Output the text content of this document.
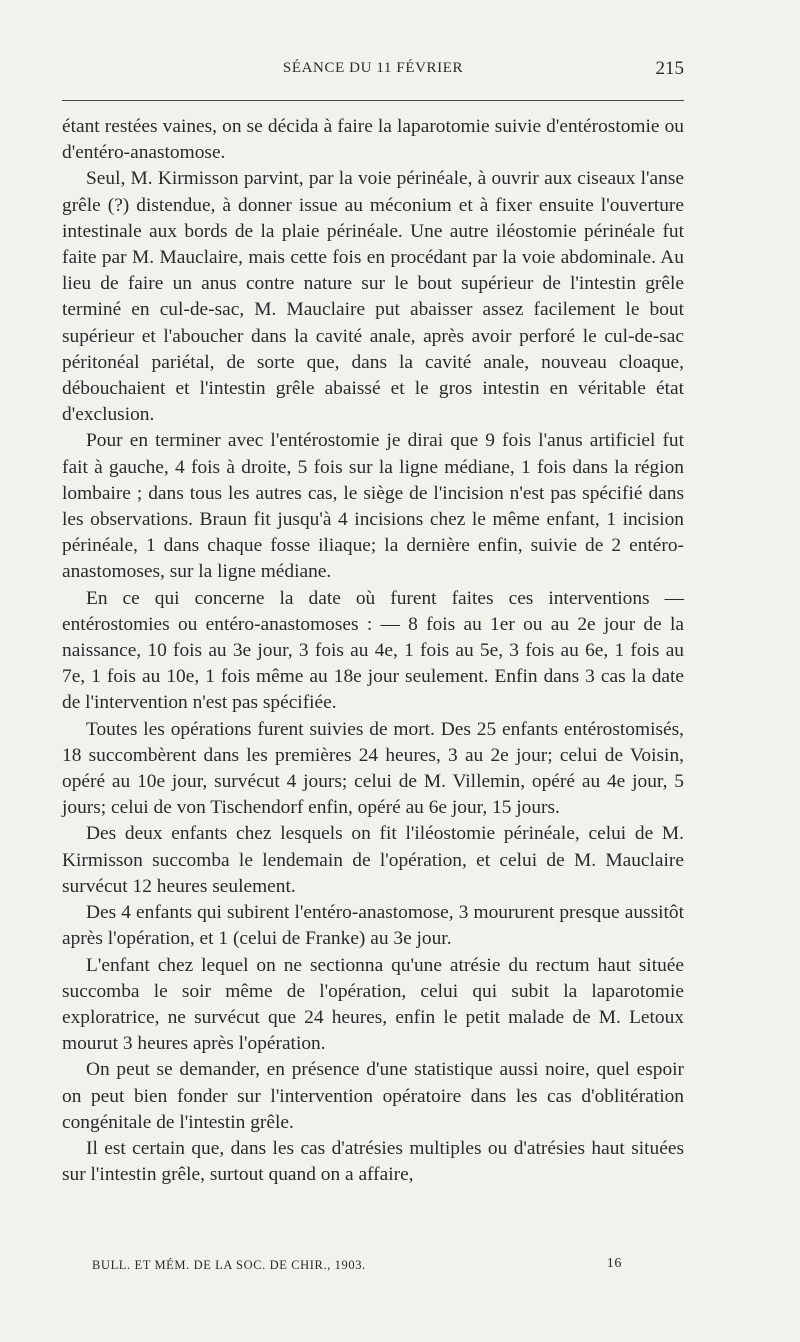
SÉANCE DU 11 FÉVRIER	215

étant restées vaines, on se décida à faire la laparotomie suivie d'entérostomie ou d'entéro-anastomose.

Seul, M. Kirmisson parvint, par la voie périnéale, à ouvrir aux ciseaux l'anse grêle (?) distendue, à donner issue au méconium et à fixer ensuite l'ouverture intestinale aux bords de la plaie périnéale. Une autre iléostomie périnéale fut faite par M. Mauclaire, mais cette fois en procédant par la voie abdominale. Au lieu de faire un anus contre nature sur le bout supérieur de l'intestin grêle terminé en cul-de-sac, M. Mauclaire put abaisser assez facilement le bout supérieur et l'aboucher dans la cavité anale, après avoir perforé le cul-de-sac péritonéal pariétal, de sorte que, dans la cavité anale, nouveau cloaque, débouchaient et l'intestin grêle abaissé et le gros intestin en véritable état d'exclusion.

Pour en terminer avec l'entérostomie je dirai que 9 fois l'anus artificiel fut fait à gauche, 4 fois à droite, 5 fois sur la ligne médiane, 1 fois dans la région lombaire ; dans tous les autres cas, le siège de l'incision n'est pas spécifié dans les observations. Braun fit jusqu'à 4 incisions chez le même enfant, 1 incision périnéale, 1 dans chaque fosse iliaque; la dernière enfin, suivie de 2 entéro-anastomoses, sur la ligne médiane.

En ce qui concerne la date où furent faites ces interventions — entérostomies ou entéro-anastomoses : — 8 fois au 1er ou au 2e jour de la naissance, 10 fois au 3e jour, 3 fois au 4e, 1 fois au 5e, 3 fois au 6e, 1 fois au 7e, 1 fois au 10e, 1 fois même au 18e jour seulement. Enfin dans 3 cas la date de l'intervention n'est pas spécifiée.

Toutes les opérations furent suivies de mort. Des 25 enfants entérostomisés, 18 succombèrent dans les premières 24 heures, 3 au 2e jour; celui de Voisin, opéré au 10e jour, survécut 4 jours; celui de M. Villemin, opéré au 4e jour, 5 jours; celui de von Tischendorf enfin, opéré au 6e jour, 15 jours.

Des deux enfants chez lesquels on fit l'iléostomie périnéale, celui de M. Kirmisson succomba le lendemain de l'opération, et celui de M. Mauclaire survécut 12 heures seulement.

Des 4 enfants qui subirent l'entéro-anastomose, 3 moururent presque aussitôt après l'opération, et 1 (celui de Franke) au 3e jour.

L'enfant chez lequel on ne sectionna qu'une atrésie du rectum haut située succomba le soir même de l'opération, celui qui subit la laparotomie exploratrice, ne survécut que 24 heures, enfin le petit malade de M. Letoux mourut 3 heures après l'opération.

On peut se demander, en présence d'une statistique aussi noire, quel espoir on peut bien fonder sur l'intervention opératoire dans les cas d'oblitération congénitale de l'intestin grêle.

Il est certain que, dans les cas d'atrésies multiples ou d'atrésies haut situées sur l'intestin grêle, surtout quand on a affaire,

BULL. ET MÉM. DE LA SOC. DE CHIR., 1903.	16
